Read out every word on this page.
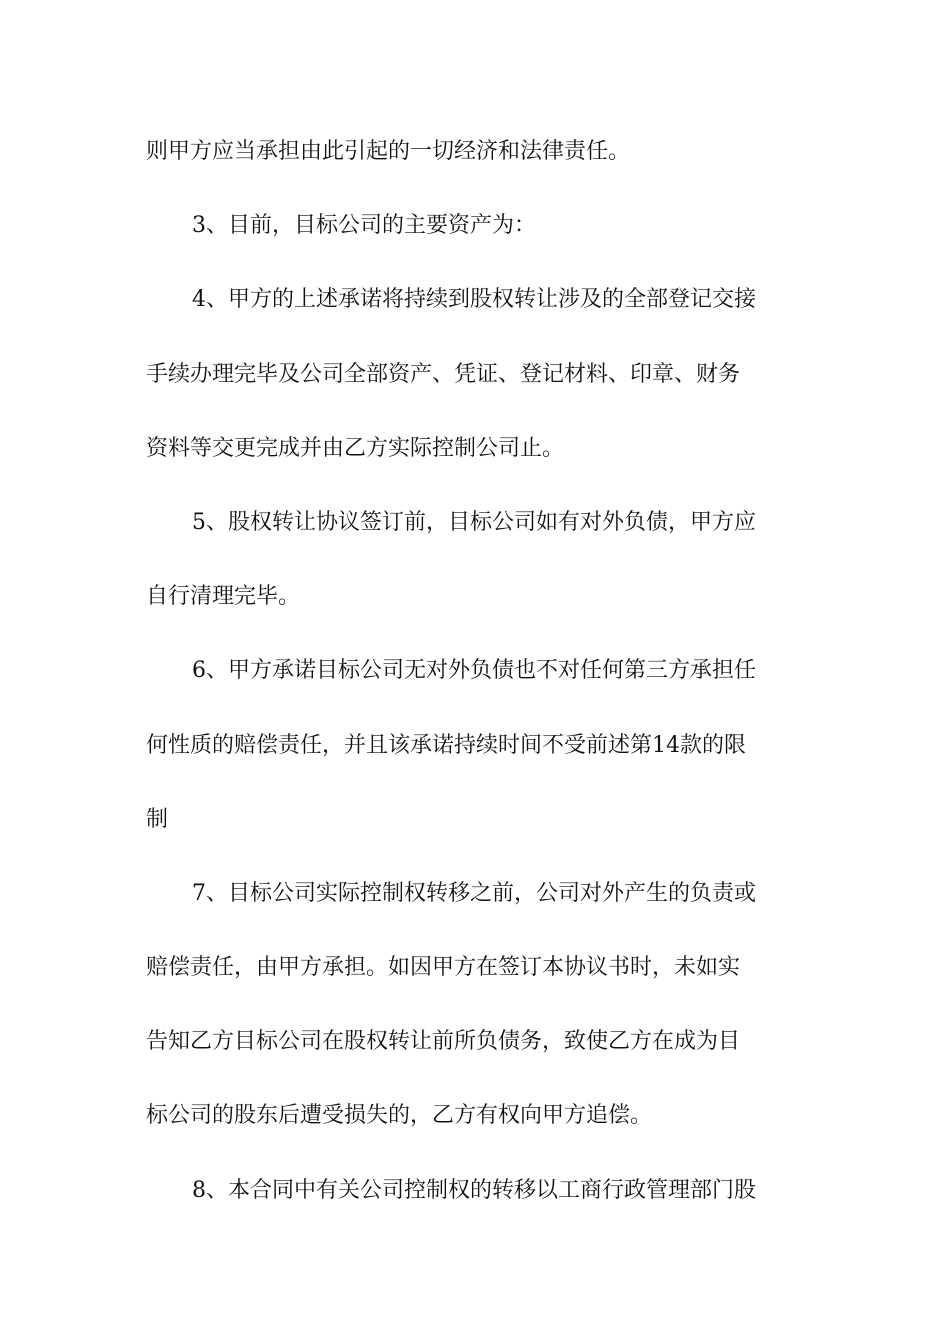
则甲方应当承担由此引起的一切经济和法律责任。
3、目前，目标公司的主要资产为：
4、甲方的上述承诺将持续到股权转让涉及的全部登记交接
手续办理完毕及公司全部资产、凭证、登记材料、印章、财务
资料等交更完成并由乙方实际控制公司止。
5、股权转让协议签订前，目标公司如有对外负债，甲方应
自行清理完毕。
6、甲方承诺目标公司无对外负债也不对任何第三方承担任
何性质的赔偿责任，并且该承诺持续时间不受前述第14款的限
制
7、目标公司实际控制权转移之前，公司对外产生的负责或
赔偿责任，由甲方承担。如因甲方在签订本协议书时，未如实
告知乙方目标公司在股权转让前所负债务，致使乙方在成为目
标公司的股东后遭受损失的，乙方有权向甲方追偿。
8、本合同中有关公司控制权的转移以工商行政管理部门股
